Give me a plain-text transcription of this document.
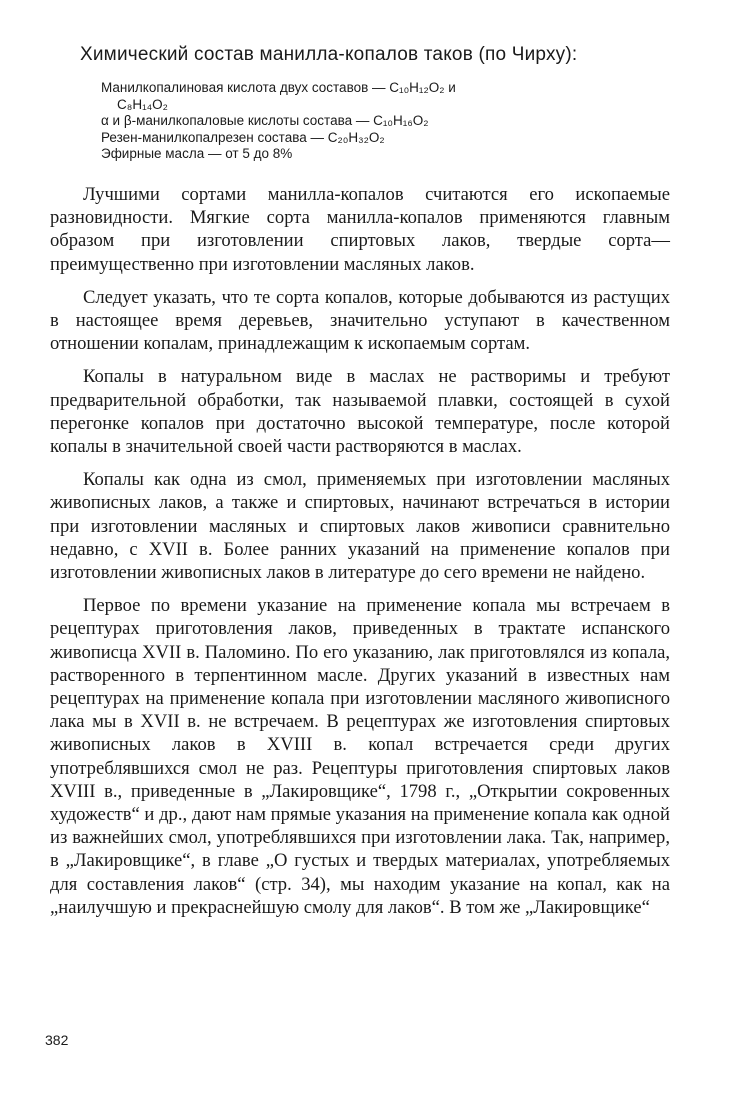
Химический состав манилла-копалов таков (по Чирху):
Манилкопалиновая кислота двух составов — C₁₀H₁₂O₂ и
C₈H₁₄O₂
α и β-манилкопаловые кислоты состава — C₁₀H₁₆O₂
Резен-манилкопалрезен состава — C₂₀H₃₂O₂
Эфирные масла — от 5 до 8%

Лучшими сортами манилла-копалов считаются его ископаемые разновидности. Мягкие сорта манилла-копалов применяются главным образом при изготовлении спиртовых лаков, твердые сорта—преимущественно при изготовлении масляных лаков.

Следует указать, что те сорта копалов, которые добываются из растущих в настоящее время деревьев, значительно уступают в качественном отношении копалам, принадлежащим к ископаемым сортам.

Копалы в натуральном виде в маслах не растворимы и требуют предварительной обработки, так называемой плавки, состоящей в сухой перегонке копалов при достаточно высокой температуре, после которой копалы в значительной своей части растворяются в маслах.

Копалы как одна из смол, применяемых при изготовлении масляных живописных лаков, а также и спиртовых, начинают встречаться в истории при изготовлении масляных и спиртовых лаков живописи сравнительно недавно, с XVII в. Более ранних указаний на применение копалов при изготовлении живописных лаков в литературе до сего времени не найдено.

Первое по времени указание на применение копала мы встречаем в рецептурах приготовления лаков, приведенных в трактате испанского живописца XVII в. Паломино. По его указанию, лак приготовлялся из копала, растворенного в терпентинном масле. Других указаний в известных нам рецептурах на применение копала при изготовлении масляного живописного лака мы в XVII в. не встречаем. В рецептурах же изготовления спиртовых живописных лаков в XVIII в. копал встречается среди других употреблявшихся смол не раз. Рецептуры приготовления спиртовых лаков XVIII в., приведенные в „Лакировщике“, 1798 г., „Открытии сокровенных художеств“ и др., дают нам прямые указания на применение копала как одной из важнейших смол, употреблявшихся при изготовлении лака. Так, например, в „Лакировщике“, в главе „О густых и твердых материалах, употребляемых для составления лаков“ (стр. 34), мы находим указание на копал, как на „наилучшую и прекраснейшую смолу для лаков“. В том же „Лакировщике“

382
